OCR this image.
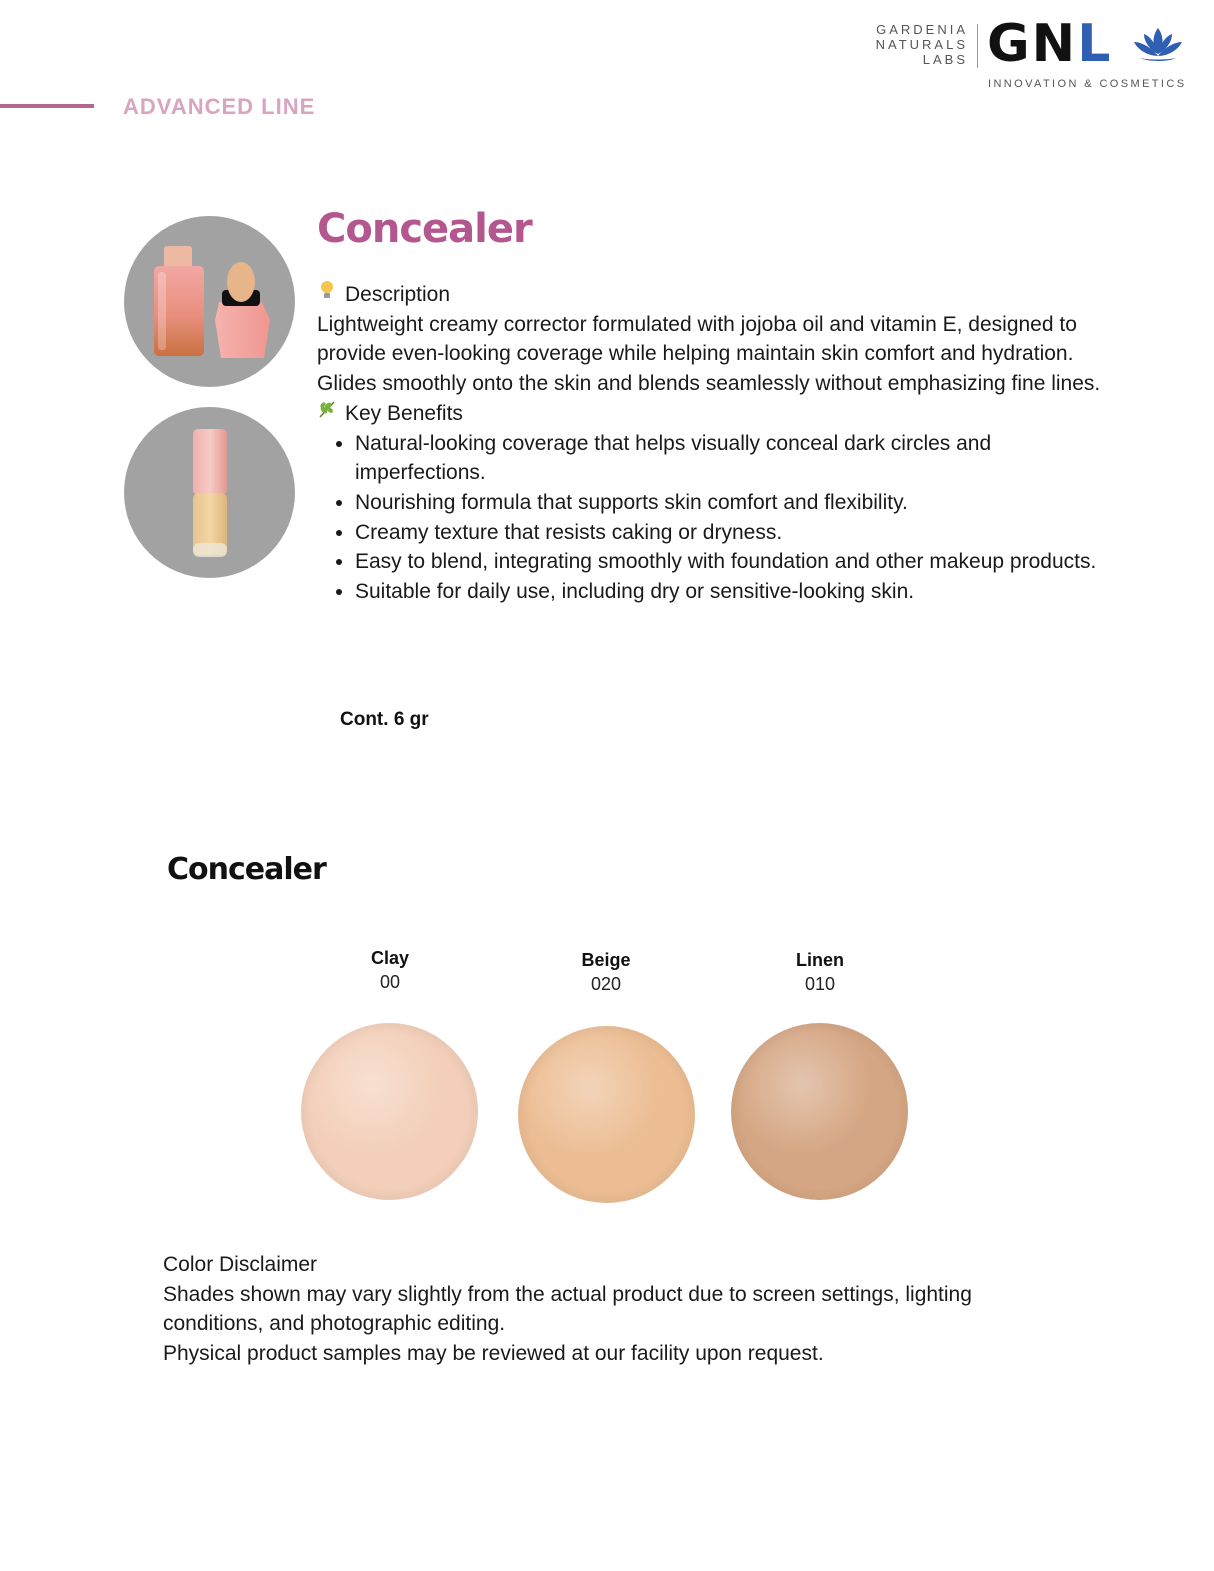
GARDENIA
NATURALS
LABS GNL
INNOVATION & COSMETICS
ADVANCED LINE
Concealer
Description

Lightweight creamy corrector formulated with jojoba oil and vitamin E, designed to provide even-looking coverage while helping maintain skin comfort and hydration.

Glides smoothly onto the skin and blends seamlessly without emphasizing fine lines.

Key Benefits
• Natural-looking coverage that helps visually conceal dark circles and imperfections.
• Nourishing formula that supports skin comfort and flexibility.
• Creamy texture that resists caking or dryness.
• Easy to blend, integrating smoothly with foundation and other makeup products.
• Suitable for daily use, including dry or sensitive-looking skin.
Cont. 6 gr
Concealer
Clay
00
Beige
020
Linen
010

Color Disclaimer

Shades shown may vary slightly from the actual product due to screen settings, lighting conditions, and photographic editing.

Physical product samples may be reviewed at our facility upon request.
